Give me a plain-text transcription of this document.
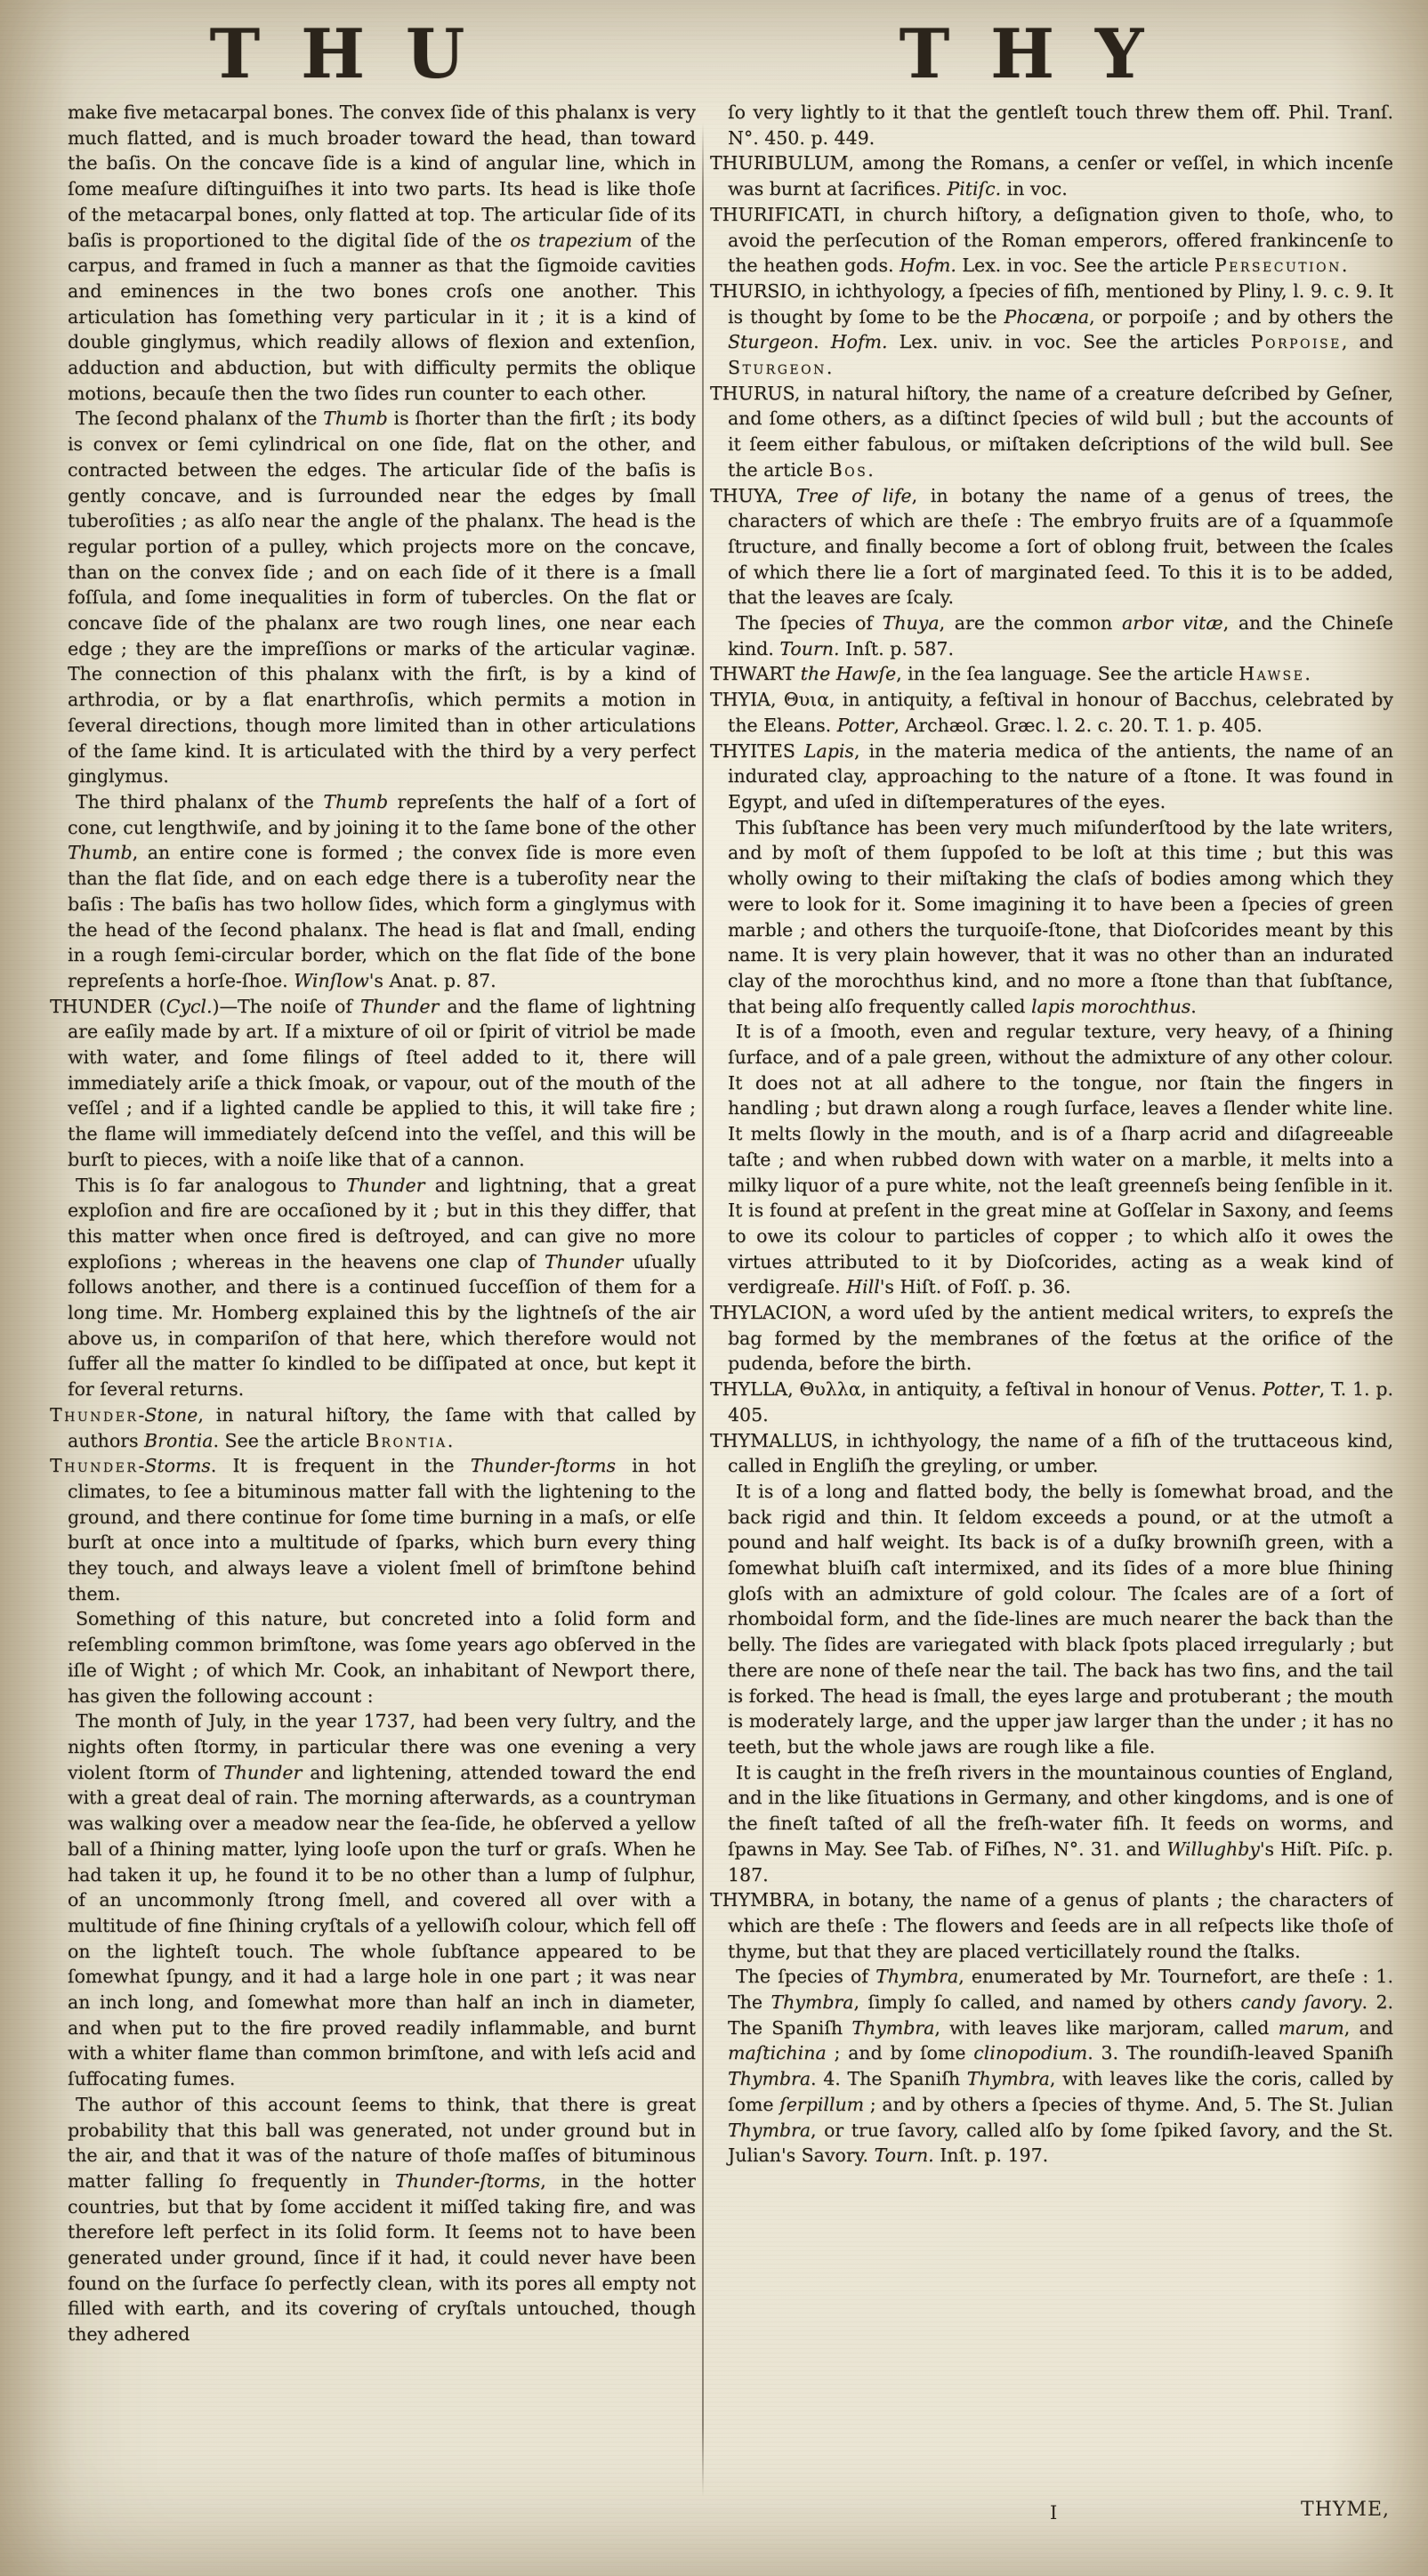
THU	THY

make five metacarpal bones. The convex ſide of this phalanx is very much flatted, and is much broader toward the head, than toward the baſis. On the concave ſide is a kind of angular line, which in ſome meaſure diſtinguiſhes it into two parts. Its head is like thoſe of the metacarpal bones, only flatted at top. The articular ſide of its baſis is proportioned to the digital ſide of the os trapezium of the carpus, and framed in ſuch a manner as that the ſigmoide cavities and eminences in the two bones croſs one another. This articulation has ſomething very particular in it ; it is a kind of double ginglymus, which readily allows of flexion and extenſion, adduction and abduction, but with difficulty permits the oblique motions, becauſe then the two ſides run counter to each other.

The ſecond phalanx of the Thumb is ſhorter than the firſt ; its body is convex or ſemi cylindrical on one ſide, flat on the other, and contracted between the edges. The articular ſide of the baſis is gently concave, and is ſurrounded near the edges by ſmall tuberoſities ; as alſo near the angle of the phalanx. The head is the regular portion of a pulley, which projects more on the concave, than on the convex ſide ; and on each ſide of it there is a ſmall foſſula, and ſome inequalities in form of tubercles. On the flat or concave ſide of the phalanx are two rough lines, one near each edge ; they are the impreſſions or marks of the articular vaginæ. The connection of this phalanx with the firſt, is by a kind of arthrodia, or by a flat enarthroſis, which permits a motion in ſeveral directions, though more limited than in other articulations of the ſame kind. It is articulated with the third by a very perfect ginglymus.

The third phalanx of the Thumb repreſents the half of a ſort of cone, cut lengthwiſe, and by joining it to the ſame bone of the other Thumb, an entire cone is formed ; the convex ſide is more even than the flat ſide, and on each edge there is a tuberoſity near the baſis : The baſis has two hollow ſides, which form a ginglymus with the head of the ſecond phalanx. The head is flat and ſmall, ending in a rough ſemi-circular border, which on the flat ſide of the bone repreſents a horſe-ſhoe. Winſlow's Anat. p. 87.

THUNDER (Cycl.)—The noiſe of Thunder and the flame of lightning are eaſily made by art. If a mixture of oil or ſpirit of vitriol be made with water, and ſome filings of ſteel added to it, there will immediately ariſe a thick ſmoak, or vapour, out of the mouth of the veſſel ; and if a lighted candle be applied to this, it will take fire ; the flame will immediately deſcend into the veſſel, and this will be burſt to pieces, with a noiſe like that of a cannon.

This is ſo far analogous to Thunder and lightning, that a great exploſion and fire are occaſioned by it ; but in this they differ, that this matter when once fired is deſtroyed, and can give no more exploſions ; whereas in the heavens one clap of Thunder uſually follows another, and there is a continued ſucceſſion of them for a long time. Mr. Homberg explained this by the lightneſs of the air above us, in compariſon of that here, which therefore would not ſuffer all the matter ſo kindled to be diſſipated at once, but kept it for ſeveral returns.

Thunder-Stone, in natural hiſtory, the ſame with that called by authors Brontia. See the article Brontia.

Thunder-Storms. It is frequent in the Thunder-ſtorms in hot climates, to ſee a bituminous matter fall with the lightening to the ground, and there continue for ſome time burning in a maſs, or elſe burſt at once into a multitude of ſparks, which burn every thing they touch, and always leave a violent ſmell of brimſtone behind them.

Something of this nature, but concreted into a ſolid form and reſembling common brimſtone, was ſome years ago obſerved in the iſle of Wight ; of which Mr. Cook, an inhabitant of Newport there, has given the following account :

The month of July, in the year 1737, had been very ſultry, and the nights often ſtormy, in particular there was one evening a very violent ſtorm of Thunder and lightening, attended toward the end with a great deal of rain. The morning afterwards, as a countryman was walking over a meadow near the ſea-ſide, he obſerved a yellow ball of a ſhining matter, lying looſe upon the turf or graſs. When he had taken it up, he found it to be no other than a lump of ſulphur, of an uncommonly ſtrong ſmell, and covered all over with a multitude of fine ſhining cryſtals of a yellowiſh colour, which fell off on the lighteſt touch. The whole ſubſtance appeared to be ſomewhat ſpungy, and it had a large hole in one part ; it was near an inch long, and ſomewhat more than half an inch in diameter, and when put to the fire proved readily inflammable, and burnt with a whiter flame than common brimſtone, and with leſs acid and ſuffocating fumes.

The author of this account ſeems to think, that there is great probability that this ball was generated, not under ground but in the air, and that it was of the nature of thoſe maſſes of bituminous matter falling ſo frequently in Thunder-ſtorms, in the hotter countries, but that by ſome accident it miſſed taking fire, and was therefore left perfect in its ſolid form. It ſeems not to have been generated under ground, ſince if it had, it could never have been found on the ſurface ſo perfectly clean, with its pores all empty not filled with earth, and its covering of cryſtals untouched, though they adhered

ſo very lightly to it that the gentleſt touch threw them off. Phil. Tranſ. N°. 450. p. 449.

THURIBULUM, among the Romans, a cenſer or veſſel, in which incenſe was burnt at ſacrifices. Pitiſc. in voc.

THURIFICATI, in church hiſtory, a deſignation given to thoſe, who, to avoid the perſecution of the Roman emperors, offered frankincenſe to the heathen gods. Hofm. Lex. in voc. See the article Persecution.

THURSIO, in ichthyology, a ſpecies of fiſh, mentioned by Pliny, l. 9. c. 9. It is thought by ſome to be the Phocæna, or porpoiſe ; and by others the Sturgeon. Hofm. Lex. univ. in voc. See the articles Porpoise, and Sturgeon.

THURUS, in natural hiſtory, the name of a creature deſcribed by Geſner, and ſome others, as a diſtinct ſpecies of wild bull ; but the accounts of it ſeem either fabulous, or miſtaken deſcriptions of the wild bull. See the article Bos.

THUYA, Tree of life, in botany the name of a genus of trees, the characters of which are theſe : The embryo fruits are of a ſquammoſe ſtructure, and finally become a ſort of oblong fruit, between the ſcales of which there lie a ſort of marginated ſeed. To this it is to be added, that the leaves are ſcaly.

The ſpecies of Thuya, are the common arbor vitæ, and the Chineſe kind. Tourn. Inſt. p. 587.

THWART the Hawſe, in the ſea language. See the article Hawse.

THYIA, Θυια, in antiquity, a feſtival in honour of Bacchus, celebrated by the Eleans. Potter, Archæol. Græc. l. 2. c. 20. T. 1. p. 405.

THYITES Lapis, in the materia medica of the antients, the name of an indurated clay, approaching to the nature of a ſtone. It was found in Egypt, and uſed in diſtemperatures of the eyes.

This ſubſtance has been very much miſunderſtood by the late writers, and by moſt of them ſuppoſed to be loſt at this time ; but this was wholly owing to their miſtaking the claſs of bodies among which they were to look for it. Some imagining it to have been a ſpecies of green marble ; and others the turquoiſe-ſtone, that Dioſcorides meant by this name. It is very plain however, that it was no other than an indurated clay of the morochthus kind, and no more a ſtone than that ſubſtance, that being alſo frequently called lapis morochthus.

It is of a ſmooth, even and regular texture, very heavy, of a ſhining ſurface, and of a pale green, without the admixture of any other colour. It does not at all adhere to the tongue, nor ſtain the fingers in handling ; but drawn along a rough ſurface, leaves a ſlender white line. It melts ſlowly in the mouth, and is of a ſharp acrid and diſagreeable taſte ; and when rubbed down with water on a marble, it melts into a milky liquor of a pure white, not the leaſt greenneſs being ſenſible in it. It is found at preſent in the great mine at Goſſelar in Saxony, and ſeems to owe its colour to particles of copper ; to which alſo it owes the virtues attributed to it by Dioſcorides, acting as a weak kind of verdigreaſe. Hill's Hiſt. of Foſſ. p. 36.

THYLACION, a word uſed by the antient medical writers, to expreſs the bag formed by the membranes of the fœtus at the orifice of the pudenda, before the birth.

THYLLA, Θυλλα, in antiquity, a feſtival in honour of Venus. Potter, T. 1. p. 405.

THYMALLUS, in ichthyology, the name of a fiſh of the truttaceous kind, called in Engliſh the greyling, or umber.

It is of a long and flatted body, the belly is ſomewhat broad, and the back rigid and thin. It ſeldom exceeds a pound, or at the utmoſt a pound and half weight. Its back is of a duſky browniſh green, with a ſomewhat bluiſh caſt intermixed, and its ſides of a more blue ſhining gloſs with an admixture of gold colour. The ſcales are of a ſort of rhomboidal form, and the ſide-lines are much nearer the back than the belly. The ſides are variegated with black ſpots placed irregularly ; but there are none of theſe near the tail. The back has two fins, and the tail is forked. The head is ſmall, the eyes large and protuberant ; the mouth is moderately large, and the upper jaw larger than the under ; it has no teeth, but the whole jaws are rough like a file.

It is caught in the freſh rivers in the mountainous counties of England, and in the like ſituations in Germany, and other kingdoms, and is one of the fineſt taſted of all the freſh-water fiſh. It feeds on worms, and ſpawns in May. See Tab. of Fiſhes, N°. 31. and Willughby's Hiſt. Piſc. p. 187.

THYMBRA, in botany, the name of a genus of plants ; the characters of which are theſe : The flowers and ſeeds are in all reſpects like thoſe of thyme, but that they are placed verticillately round the ſtalks.

The ſpecies of Thymbra, enumerated by Mr. Tournefort, are theſe : 1. The Thymbra, ſimply ſo called, and named by others candy ſavory. 2. The Spaniſh Thymbra, with leaves like marjoram, called marum, and maſtichina ; and by ſome clinopodium. 3. The roundiſh-leaved Spaniſh Thymbra. 4. The Spaniſh Thymbra, with leaves like the coris, called by ſome ſerpillum ; and by others a ſpecies of thyme. And, 5. The St. Julian Thymbra, or true ſavory, called alſo by ſome ſpiked ſavory, and the St. Julian's Savory. Tourn. Inſt. p. 197.

I	THYME,
